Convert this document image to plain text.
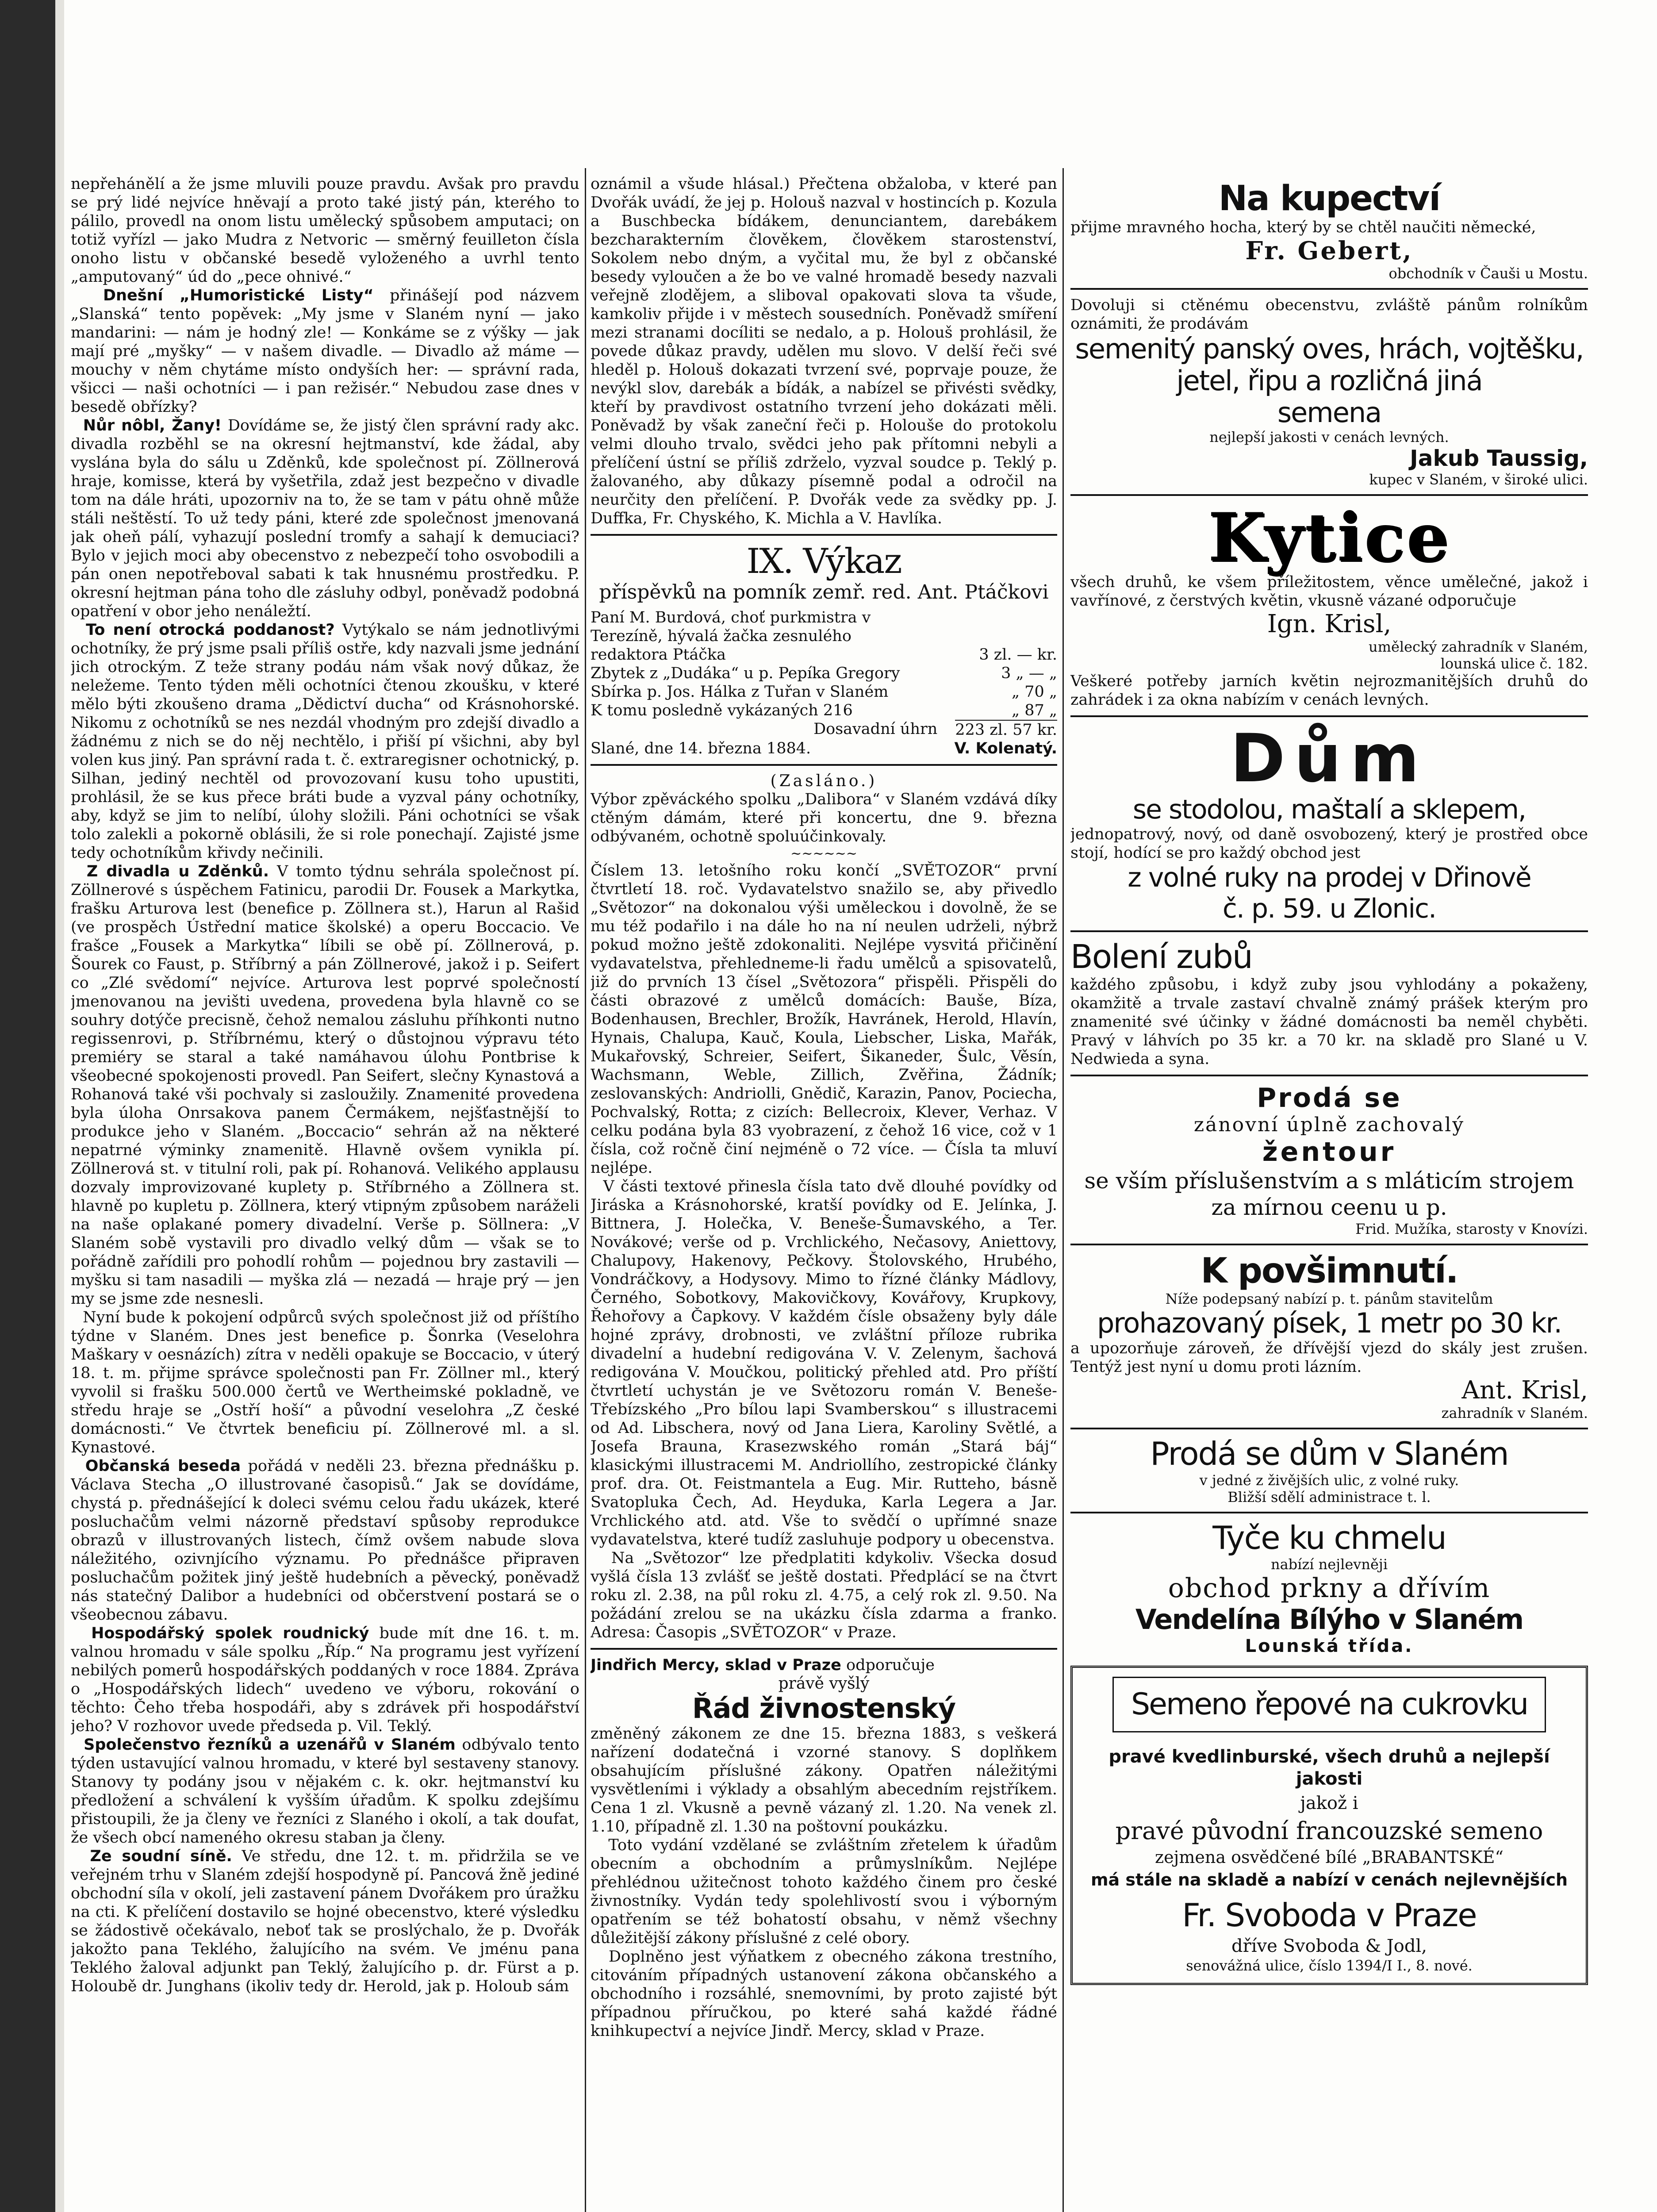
nepřehánělí a že jsme mluvili pouze pravdu. Avšak pro pravdu se prý lidé nejvíce hněvají a proto také jistý pán, kterého to pálilo, provedl na onom listu umělecký spůsobem amputaci; on totiž vyřízl — jako Mudra z Netvoric — směrný feuilleton čísla onoho listu v občanské besedě vyloženého a uvrhl tento „amputovaný“ úd do „pece ohnivé.“

Dnešní „Humoristické Listy“ přinášejí pod názvem „Slanská“ tento popěvek: „My jsme v Slaném nyní — jako mandarini: — nám je hodný zle! — Konkáme se z výšky — jak mají pré „myšky“ — v našem divadle. — Divadlo až máme — mouchy v něm chytáme místo ondyších her: — správní rada, všicci — naši ochotníci — i pan režisér.“ Nebudou zase dnes v besedě obřízky?

Nůr nôbl, Žany! Dovídáme se, že jistý člen správní rady akc. divadla rozběhl se na okresní hejtmanství, kde žádal, aby vyslána byla do sálu u Zděnků, kde společnost pí. Zöllnerová hraje, komisse, která by vyšetřila, zdaž jest bezpečno v divadle tom na dále hráti, upozorniv na to, že se tam v pátu ohně může stáli neštěstí. To už tedy páni, které zde společnost jmenovaná jak oheň pálí, vyhazují poslední tromfy a sahají k demuciaci? Bylo v jejich moci aby obecenstvo z nebezpečí toho osvobodili a pán onen nepotřeboval sabati k tak hnusnému prostředku. P. okresní hejtman pána toho dle zásluhy odbyl, poněvadž podobná opatření v obor jeho nenáležtí.

To není otrocká poddanost? Vytýkalo se nám jednotlivými ochotníky, že prý jsme psali příliš ostře, kdy nazvali jsme jednání jich otrockým. Z teže strany podáu nám však nový důkaz, že neležeme. Tento týden měli ochotníci čtenou zkoušku, v které mělo býti zkoušeno drama „Dědictví ducha“ od Krásnohorské. Nikomu z ochotníků se nes nezdál vhodným pro zdejší divadlo a žádnému z nich se do něj nechtělo, i přiší pí všichni, aby byl volen kus jiný. Pan správní rada t. č. extraregisner ochotnický, p. Silhan, jediný nechtěl od provozovaní kusu toho upustiti, prohlásil, že se kus přece bráti bude a vyzval pány ochotníky, aby, když se jim to nelíbí, úlohy složili. Páni ochotníci se však tolo zalekli a pokorně oblásili, že si role ponechají. Zajisté jsme tedy ochotníkům křivdy nečinili.

Z divadla u Zděnků. V tomto týdnu sehrála společnost pí. Zöllnerové s úspěchem Fatinicu, parodii Dr. Fousek a Markytka, frašku Arturova lest (benefice p. Zöllnera st.), Harun al Rašid (ve prospěch Ústřední matice školské) a operu Boccacio. Ve frašce „Fousek a Markytka“ líbili se obě pí. Zöllnerová, p. Šourek co Faust, p. Stříbrný a pán Zöllnerové, jakož i p. Seifert co „Zlé svědomí“ nejvíce. Arturova lest poprvé společností jmenovanou na jevišti uvedena, provedena byla hlavně co se souhry dotýče precisně, čehož nemalou zásluhu příhkonti nutno regissenrovi, p. Stříbrnému, který o důstojnou výpravu této premiéry se staral a také namáhavou úlohu Pontbrise k všeobecné spokojenosti provedl. Pan Seifert, slečny Kynastová a Rohanová také vši pochvaly si zasloužily. Znamenité provedena byla úloha Onrsakova panem Čermákem, nejšťastnější to produkce jeho v Slaném. „Boccacio“ sehrán až na některé nepatrné výminky znamenitě. Hlavně ovšem vynikla pí. Zöllnerová st. v titulní roli, pak pí. Rohanová. Velikého applausu dozvaly improvizované kuplety p. Stříbrného a Zöllnera st. hlavně po kupletu p. Zöllnera, který vtipným způsobem naráželi na naše oplakané pomery divadelní. Verše p. Söllnera: „V Slaném sobě vystavili pro divadlo velký dům — však se to pořádně zařídili pro pohodlí rohům — pojednou bry zastavili — myšku si tam nasadili — myška zlá — nezadá — hraje prý — jen my se jsme zde nesnesli.

Nyní bude k pokojení odpůrců svých společnost již od příštího týdne v Slaném. Dnes jest benefice p. Šonrka (Veselohra Maškary v oesnázích) zítra v neděli opakuje se Boccacio, v úterý 18. t. m. přijme správce společnosti pan Fr. Zöllner ml., který vyvolil si frašku 500.000 čertů ve Wertheimské pokladně, ve středu hraje se „Ostří hoší“ a původní veselohra „Z české domácnosti.“ Ve čtvrtek beneficiu pí. Zöllnerové ml. a sl. Kynastové.

Občanská beseda pořádá v neděli 23. března přednášku p. Václava Stecha „O illustrované časopisů.“ Jak se dovídáme, chystá p. přednášející k doleci svému celou řadu ukázek, které posluchačům velmi názorně představí spůsoby reprodukce obrazů v illustrovaných listech, čímž ovšem nabude slova náležitého, ozivnjícího významu. Po přednášce připraven posluchačům požitek jiný ještě hudebních a pěvecký, poněvadž nás statečný Dalibor a hudebníci od občerstvení postará se o všeobecnou zábavu.

Hospodářský spolek roudnický bude mít dne 16. t. m. valnou hromadu v sále spolku „Říp.“ Na programu jest vyřízení nebilých pomerů hospodářských poddaných v roce 1884. Zpráva o „Hospodářských lidech“ uvedeno ve výboru, rokování o těchto: Čeho třeba hospodáři, aby s zdrávek při hospodářství jeho? V rozhovor uvede předseda p. Vil. Teklý.

Společenstvo řezníků a uzenářů v Slaném odbývalo tento týden ustavující valnou hromadu, v které byl sestaveny stanovy. Stanovy ty podány jsou v nějakém c. k. okr. hejtmanství ku předložení a schválení k vyšším úřadům. K spolku zdejšímu přistoupili, že ja členy ve řezníci z Slaného i okolí, a tak doufat, že všech obcí nameného okresu staban ja členy.

Ze soudní síně. Ve středu, dne 12. t. m. přidržila se ve veřejném trhu v Slaném zdejší hospodyně pí. Pancová žně jediné obchodní síla v okolí, jeli zastavení pánem Dvořákem pro úražku na cti. K přelíčení dostavilo se hojné obecenstvo, které výsledku se žádostivě očekávalo, neboť tak se proslýchalo, že p. Dvořák jakožto pana Teklého, žalujícího na svém. Ve jménu pana Teklého žaloval adjunkt pan Teklý, žalujícího p. dr. Fürst a p. Holoubě dr. Junghans (ikoliv tedy dr. Herold, jak p. Holoub sám

oznámil a všude hlásal.) Přečtena obžaloba, v které pan Dvořák uvádí, že jej p. Holouš nazval v hostincích p. Kozula a Buschbecka bídákem, denunciantem, darebákem bezcharakterním člověkem, člověkem starostenství, Sokolem nebo dným, a vyčital mu, že byl z občanské besedy vyloučen a že bo ve valné hromadě besedy nazvali veřejně zlodějem, a sliboval opakovati slova ta všude, kamkoliv přijde i v městech sousedních. Poněvadž smíření mezi stranami docíliti se nedalo, a p. Holouš prohlásil, že povede důkaz pravdy, udělen mu slovo. V delší řeči své hleděl p. Holouš dokazati tvrzení své, poprvaje pouze, že nevýkl slov, darebák a bídák, a nabízel se přivésti svědky, kteří by pravdivost ostatního tvrzení jeho dokázati měli. Poněvadž by však zaneční řeči p. Holouše do protokolu velmi dlouho trvalo, svědci jeho pak přítomni nebyli a přelíčení ústní se příliš zdrželo, vyzval soudce p. Teklý p. žalovaného, aby důkazy písemně podal a odročil na neurčity den přelíčení. P. Dvořák vede za svědky pp. J. Duffka, Fr. Chyského, K. Michla a V. Havlíka.

IX. Výkaz
příspěvků na pomník zemř. red. Ant. Ptáčkovi
Paní M. Burdová, choť purkmistra v Terezíně, hývalá žačka zesnulého redaktora Ptáčka	3 zl. — kr.
Zbytek z „Dudáka“ u p. Pepíka Gregory	3 „ — „
Sbírka p. Jos. Hálka z Tuřan v Slaném	„ 70 „
K tomu posledně vykázaných 216	„ 87 „
Dosavadní úhrn 223 zl. 57 kr.
Slané, dne 14. března 1884.	V. Kolenatý.
(Zasláno.)

Výbor zpěváckého spolku „Dalibora“ v Slaném vzdává díky ctěným dámám, které při koncertu, dne 9. března odbývaném, ochotně spoluúčinkovaly.

~~~~~~

Číslem 13. letošního roku končí „SVĚTOZOR“ první čtvrtletí 18. roč. Vydavatelstvo snažilo se, aby přivedlo „Světozor“ na dokonalou výši uměleckou i dovolně, že se mu též podařilo i na dále ho na ní neulen udrželi, nýbrž pokud možno ještě zdokonaliti. Nejlépe vysvitá přičinění vydavatelstva, přehledneme-li řadu umělců a spisovatelů, již do prvních 13 čísel „Světozora“ přispěli. Přispěli do části obrazové z umělců domácích: Bauše, Bíza, Bodenhausen, Brechler, Brožík, Havránek, Herold, Hlavín, Hynais, Chalupa, Kauč, Koula, Liebscher, Liska, Mařák, Mukařovský, Schreier, Seifert, Šikaneder, Šulc, Věsín, Wachsmann, Weble, Zillich, Zvěřina, Žádník; zeslovanských: Andriolli, Gnědič, Karazin, Panov, Pociecha, Pochvalský, Rotta; z cizích: Bellecroix, Klever, Verhaz. V celku podána byla 83 vyobrazení, z čehož 16 vice, což v 1 čísla, což ročně činí nejméně o 72 více. — Čísla ta mluví nejlépe.

V části textové přinesla čísla tato dvě dlouhé povídky od Jiráska a Krásnohorské, kratší povídky od E. Jelínka, J. Bittnera, J. Holečka, V. Beneše-Šumavského, a Ter. Novákové; verše od p. Vrchlického, Nečasovy, Aniettovy, Chalupovy, Hakenovy, Pečkovy. Štolovského, Hrubého, Vondráčkovy, a Hodysovy. Mimo to řízné články Mádlovy, Černého, Sobotkovy, Makovičkovy, Kovářovy, Krupkovy, Řehořovy a Čapkovy. V každém čísle obsaženy byly dále hojné zprávy, drobnosti, ve zvláštní příloze rubrika divadelní a hudební redigována V. V. Zelenym, šachová redigována V. Moučkou, politický přehled atd. Pro příští čtvrtletí uchystán je ve Světozoru román V. Beneše-Třebízského „Pro bílou lapi Svamberskou“ s illustracemi od Ad. Libschera, nový od Jana Liera, Karoliny Světlé, a Josefa Brauna, Krasezwského román „Stará báj“ klasickými illustracemi M. Andriollího, zestropické články prof. dra. Ot. Feistmantela a Eug. Mir. Rutteho, básně Svatopluka Čech, Ad. Heyduka, Karla Legera a Jar. Vrchlického atd. atd. Vše to svědčí o upřímné snaze vydavatelstva, které tudíž zasluhuje podpory u obecenstva.

Na „Světozor“ lze předplatiti kdykoliv. Všecka dosud vyšlá čísla 13 zvlášť se ještě dostati. Předplácí se na čtvrt roku zl. 2.38, na půl roku zl. 4.75, a celý rok zl. 9.50. Na požádání zrelou se na ukázku čísla zdarma a franko. Adresa: Časopis „SVĚTOZOR“ v Praze.

Jindřich Mercy, sklad v Praze odporučuje

právě vyšlý
Řád živnostenský

změněný zákonem ze dne 15. března 1883, s veškerá nařízení dodatečná i vzorné stanovy. S doplňkem obsahujícím příslušné zákony. Opatřen náležitými vysvětleními i výklady a obsahlým abecedním rejstříkem. Cena 1 zl. Vkusně a pevně vázaný zl. 1.20. Na venek zl. 1.10, případně zl. 1.30 na poštovní poukázku.

Toto vydání vzdělané se zvláštním zřetelem k úřadům obecním a obchodním a průmyslníkům. Nejlépe přehlédnou užitečnost tohoto každého činem pro české živnostníky. Vydán tedy spolehlivostí svou i výborným opatřením se též bohatostí obsahu, v němž všechny důležitější zákony příslušné z celé obory.

Doplněno jest výňatkem z obecného zákona trestního, citováním případných ustanovení zákona občanského a obchodního i rozsáhlé, snemovními, by proto zajisté být případnou příručkou, po které sahá každé řádné knihkupectví a nejvíce Jindř. Mercy, sklad v Praze.

Na kupectví

přijme mravného hocha, který by se chtěl naučiti německé,

Fr. Gebert,
obchodník v Čauši u Mostu.

Dovoluji si ctěnému obecenstvu, zvláště pánům rolníkům oznámiti, že prodávám

semenitý panský oves, hrách, vojtěšku, jetel, řipu a rozličná jiná
semena
nejlepší jakosti v cenách levných.
Jakub Taussig,
kupec v Slaném, v široké ulici.
Kytice

všech druhů, ke všem příležitostem, věnce umělečné, jakož i vavřínové, z čerstvých květin, vkusně vázané odporučuje

Ign. Krisl,
umělecký zahradník v Slaném,
lounská ulice č. 182.

Veškeré potřeby jarních květin nejrozmanitějších druhů do zahrádek i za okna nabízím v cenách levných.

Dům
se stodolou, maštalí a sklepem,

jednopatrový, nový, od daně osvobozený, který je prostřed obce stojí, hodící se pro každý obchod jest

z volné ruky na prodej v Dřinově
č. p. 59. u Zlonic.
Bolení zubů

každého způsobu, i když zuby jsou vyhlodány a pokaženy, okamžitě a trvale zastaví chvalně známý prášek kterým pro znamenité své účinky v žádné domácnosti ba neměl chyběti. Pravý v láhvích po 35 kr. a 70 kr. na skladě pro Slané u V. Nedwieda a syna.

Prodá se
zánovní úplně zachovalý
žentour
se vším příslušenstvím a s mláticím strojem za mírnou ceenu u p.
Frid. Mužíka, starosty v Knovízi.
K povšimnutí.
Níže podepsaný nabízí p. t. pánům stavitelům
prohazovaný písek, 1 metr po 30 kr.

a upozorňuje zároveň, že dřívější vjezd do skály jest zrušen. Tentýž jest nyní u domu proti lázním.

Ant. Krisl,
zahradník v Slaném.
Prodá se dům v Slaném
v jedné z živějších ulic, z volné ruky.
Bližší sdělí administrace t. l.
Tyče ku chmelu
nabízí nejlevněji
obchod prkny a dřívím
Vendelína Bílýho v Slaném
Lounská třída.
Semeno řepové na cukrovku
pravé kvedlinburské, všech druhů a nejlepší jakosti
jakož i
pravé původní francouzské semeno
zejmena osvědčené bílé „BRABANTSKÉ“
má stále na skladě a nabízí v cenách nejlevnějších
Fr. Svoboda v Praze
dříve Svoboda & Jodl,
senovážná ulice, číslo 1394/I I., 8. nové.
